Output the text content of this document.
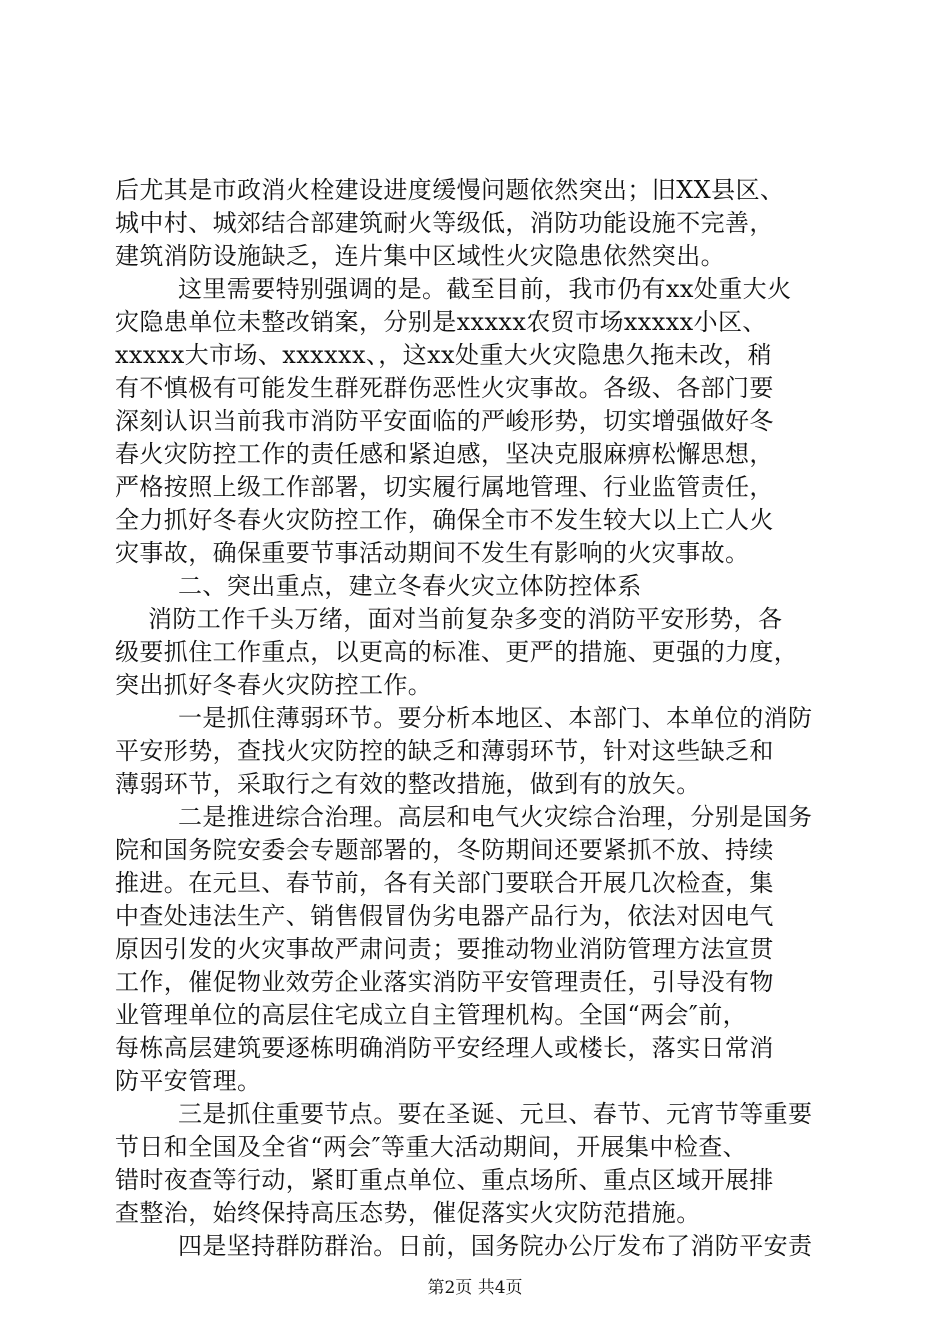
后尤其是市政消火栓建设进度缓慢问题依然突出；旧XX县区、
城中村、城郊结合部建筑耐火等级低，消防功能设施不完善，
建筑消防设施缺乏，连片集中区域性火灾隐患依然突出。
这里需要特别强调的是。截至目前，我市仍有xx处重大火
灾隐患单位未整改销案，分别是xxxxx农贸市场xxxxx小区、
xxxxx大市场、xxxxxx、，这xx处重大火灾隐患久拖未改，稍
有不慎极有可能发生群死群伤恶性火灾事故。各级、各部门要
深刻认识当前我市消防平安面临的严峻形势，切实增强做好冬
春火灾防控工作的责任感和紧迫感，坚决克服麻痹松懈思想，
严格按照上级工作部署，切实履行属地管理、行业监管责任，
全力抓好冬春火灾防控工作，确保全市不发生较大以上亡人火
灾事故，确保重要节事活动期间不发生有影响的火灾事故。
二、突出重点，建立冬春火灾立体防控体系
消防工作千头万绪，面对当前复杂多变的消防平安形势，各
级要抓住工作重点，以更高的标准、更严的措施、更强的力度，
突出抓好冬春火灾防控工作。
一是抓住薄弱环节。要分析本地区、本部门、本单位的消防
平安形势，查找火灾防控的缺乏和薄弱环节，针对这些缺乏和
薄弱环节，采取行之有效的整改措施，做到有的放矢。
二是推进综合治理。高层和电气火灾综合治理，分别是国务
院和国务院安委会专题部署的，冬防期间还要紧抓不放、持续
推进。在元旦、春节前，各有关部门要联合开展几次检查，集
中查处违法生产、销售假冒伪劣电器产品行为，依法对因电气
原因引发的火灾事故严肃问责；要推动物业消防管理方法宣贯
工作，催促物业效劳企业落实消防平安管理责任，引导没有物
业管理单位的高层住宅成立自主管理机构。全国“两会″前，
每栋高层建筑要逐栋明确消防平安经理人或楼长，落实日常消
防平安管理。
三是抓住重要节点。要在圣诞、元旦、春节、元宵节等重要
节日和全国及全省“两会″等重大活动期间，开展集中检查、
错时夜查等行动，紧盯重点单位、重点场所、重点区域开展排
查整治，始终保持高压态势，催促落实火灾防范措施。
四是坚持群防群治。日前，国务院办公厅发布了消防平安责
第2页 共4页
